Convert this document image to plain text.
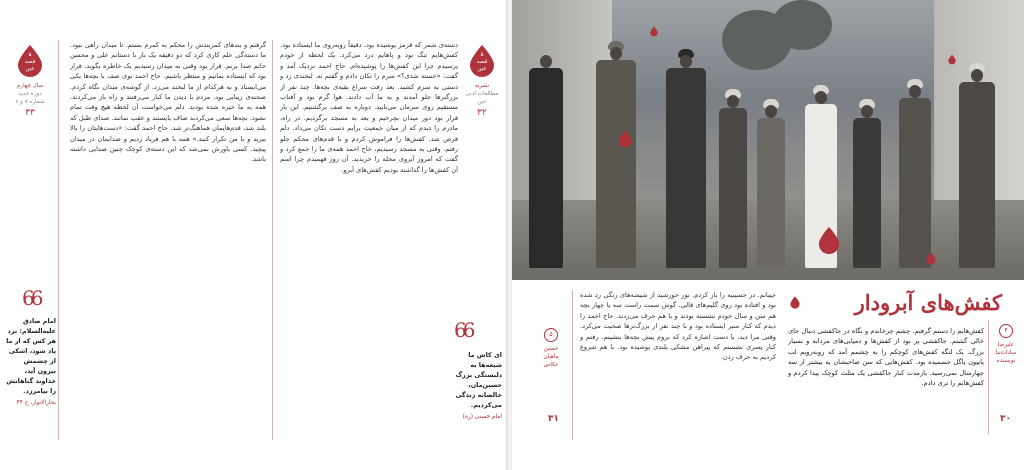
۵
قصه
عین
سال چهارم
دوره جدید
شماره ۷ و ۸
۳۳
66
امام صادق علیه‌السلام: نزد هر کس که از ما یاد شود، اشکی از چشمش بیرون آید، خداوند گناهانش را بیامرزد.
بحارالانوار، ج ۴۴
گرفتم و بندهای کمربندش را محکم به کمرم بستم. تا میدان راهی نبود. ما دسته‌گی علم کاری کرد که دو دقیقه یک بار با دستانم علی و محسن جانم صدا بزنم. قرار بود وقتی به میدان رسیدیم یک خاطره بگوید. قرار بود که ایستاده بمانیم و منتظر باشیم. حاج احمد توی صف با بچه‌ها یکی می‌ایستاد و به هرکدام از ما لبخند می‌زد. از گوشه‌ی میدان نگاه کردم. صحنه‌ی زیبایی بود. مردم با دیدن ما کنار می‌رفتند و راه باز می‌کردند. همه به ما خیره شده بودند. دلم می‌خواست آن لحظه هیچ وقت تمام نشود. بچه‌ها سعی می‌کردند صاف بایستند و عقب نمانند. صدای طبل که بلند شد، قدم‌هایمان هماهنگ‌تر شد. حاج احمد گفت: «دست‌هایتان را بالا ببرید و با من تکرار کنید.» همه با هم فریاد زدیم و صدایمان در میدان پیچید. کسی باورش نمی‌شد که این دسته‌ی کوچک چنین صدایی داشته باشد.
دسته‌ی شمر که قرمز پوشیده بود، دقیقاً رو‌به‌روی ما ایستاده بود. کفش‌هایم تنگ بود و پاهایم درد می‌کرد. یک لحظه از خودم پرسیدم چرا این کفش‌ها را پوشیده‌ام. حاج احمد نزدیک آمد و گفت: «خسته شدی؟» سرم را تکان دادم و گفتم نه. لبخندی زد و دستی به سرم کشید. بعد رفت سراغ بقیه‌ی بچه‌ها. چند نفر از بزرگترها جلو آمدند و به ما آب دادند. هوا گرم بود و آفتاب مستقیم روی سرمان می‌تابید. دوباره به صف برگشتیم. این بار قرار بود دور میدان بچرخیم و بعد به مسجد برگردیم. در راه، مادرم را دیدم که از میان جمعیت برایم دست تکان می‌داد. دلم قرص شد. کفش‌ها را فراموش کردم و با قدم‌های محکم جلو رفتم. وقتی به مسجد رسیدیم، حاج احمد همه‌ی ما را جمع کرد و گفت که امروز آبروی محله را خریدید. آن روز فهمیدم چرا اسم آن کفش‌ها را گذاشته بودیم کفش‌های آبرو.
۵
قصه
عین
نشریه
مطالعات ادبی
عین
۳۲
66
ای کاش ما شیعه‌ها به دلبستگی بزرگ حسین‌مان، خالصانه زندگی می‌کردیم.
امام خمینی (ره)
۵
حسین ماهیان
عکاس
جیبانم. در حسینیه را باز کردم. نور خورشید از شیشه‌های رنگی رد شده بود و افتاده بود روی گلیم‌های قالی. گوش سمت راست سه یا چهار بچه هم سن و سال خودم نشسته بودند و با هم حرف می‌زدند. حاج احمد را دیدم که کنار منبر ایستاده بود و با چند نفر از بزرگ‌ترها صحبت می‌کرد. وقتی مرا دید، با دست اشاره کرد که بروم پیش بچه‌ها بنشینم. رفتم و کنار پسری نشستم که پیراهن مشکی بلندی پوشیده بود. با هم شروع کردیم به حرف زدن.
کفش‌های آبرودار
کفش‌هایم را دستم گرفتم. چشم چرخاندم و نگاه در جاکفشی دنبال جای خالی گشتم. جاکفشی پر بود از کفش‌ها و دمپایی‌های مردانه و بسیار بزرگ. یک لنگه کفش‌های کوچکم را به چشمم آمد که روبه‌رویم لب پاییون پاگل جسمیده بود. کفش‌هایی که سن صاحبشان به بیشتر از سه چهارسال نمی‌رسید. بازمدت کنار جاکفشی یک مثلث کوچک پیدا کردم و کفش‌هایم را تری دادم.
۴
علیرضا سادات‌نیا
نویسنده
۳۱	۳۰
